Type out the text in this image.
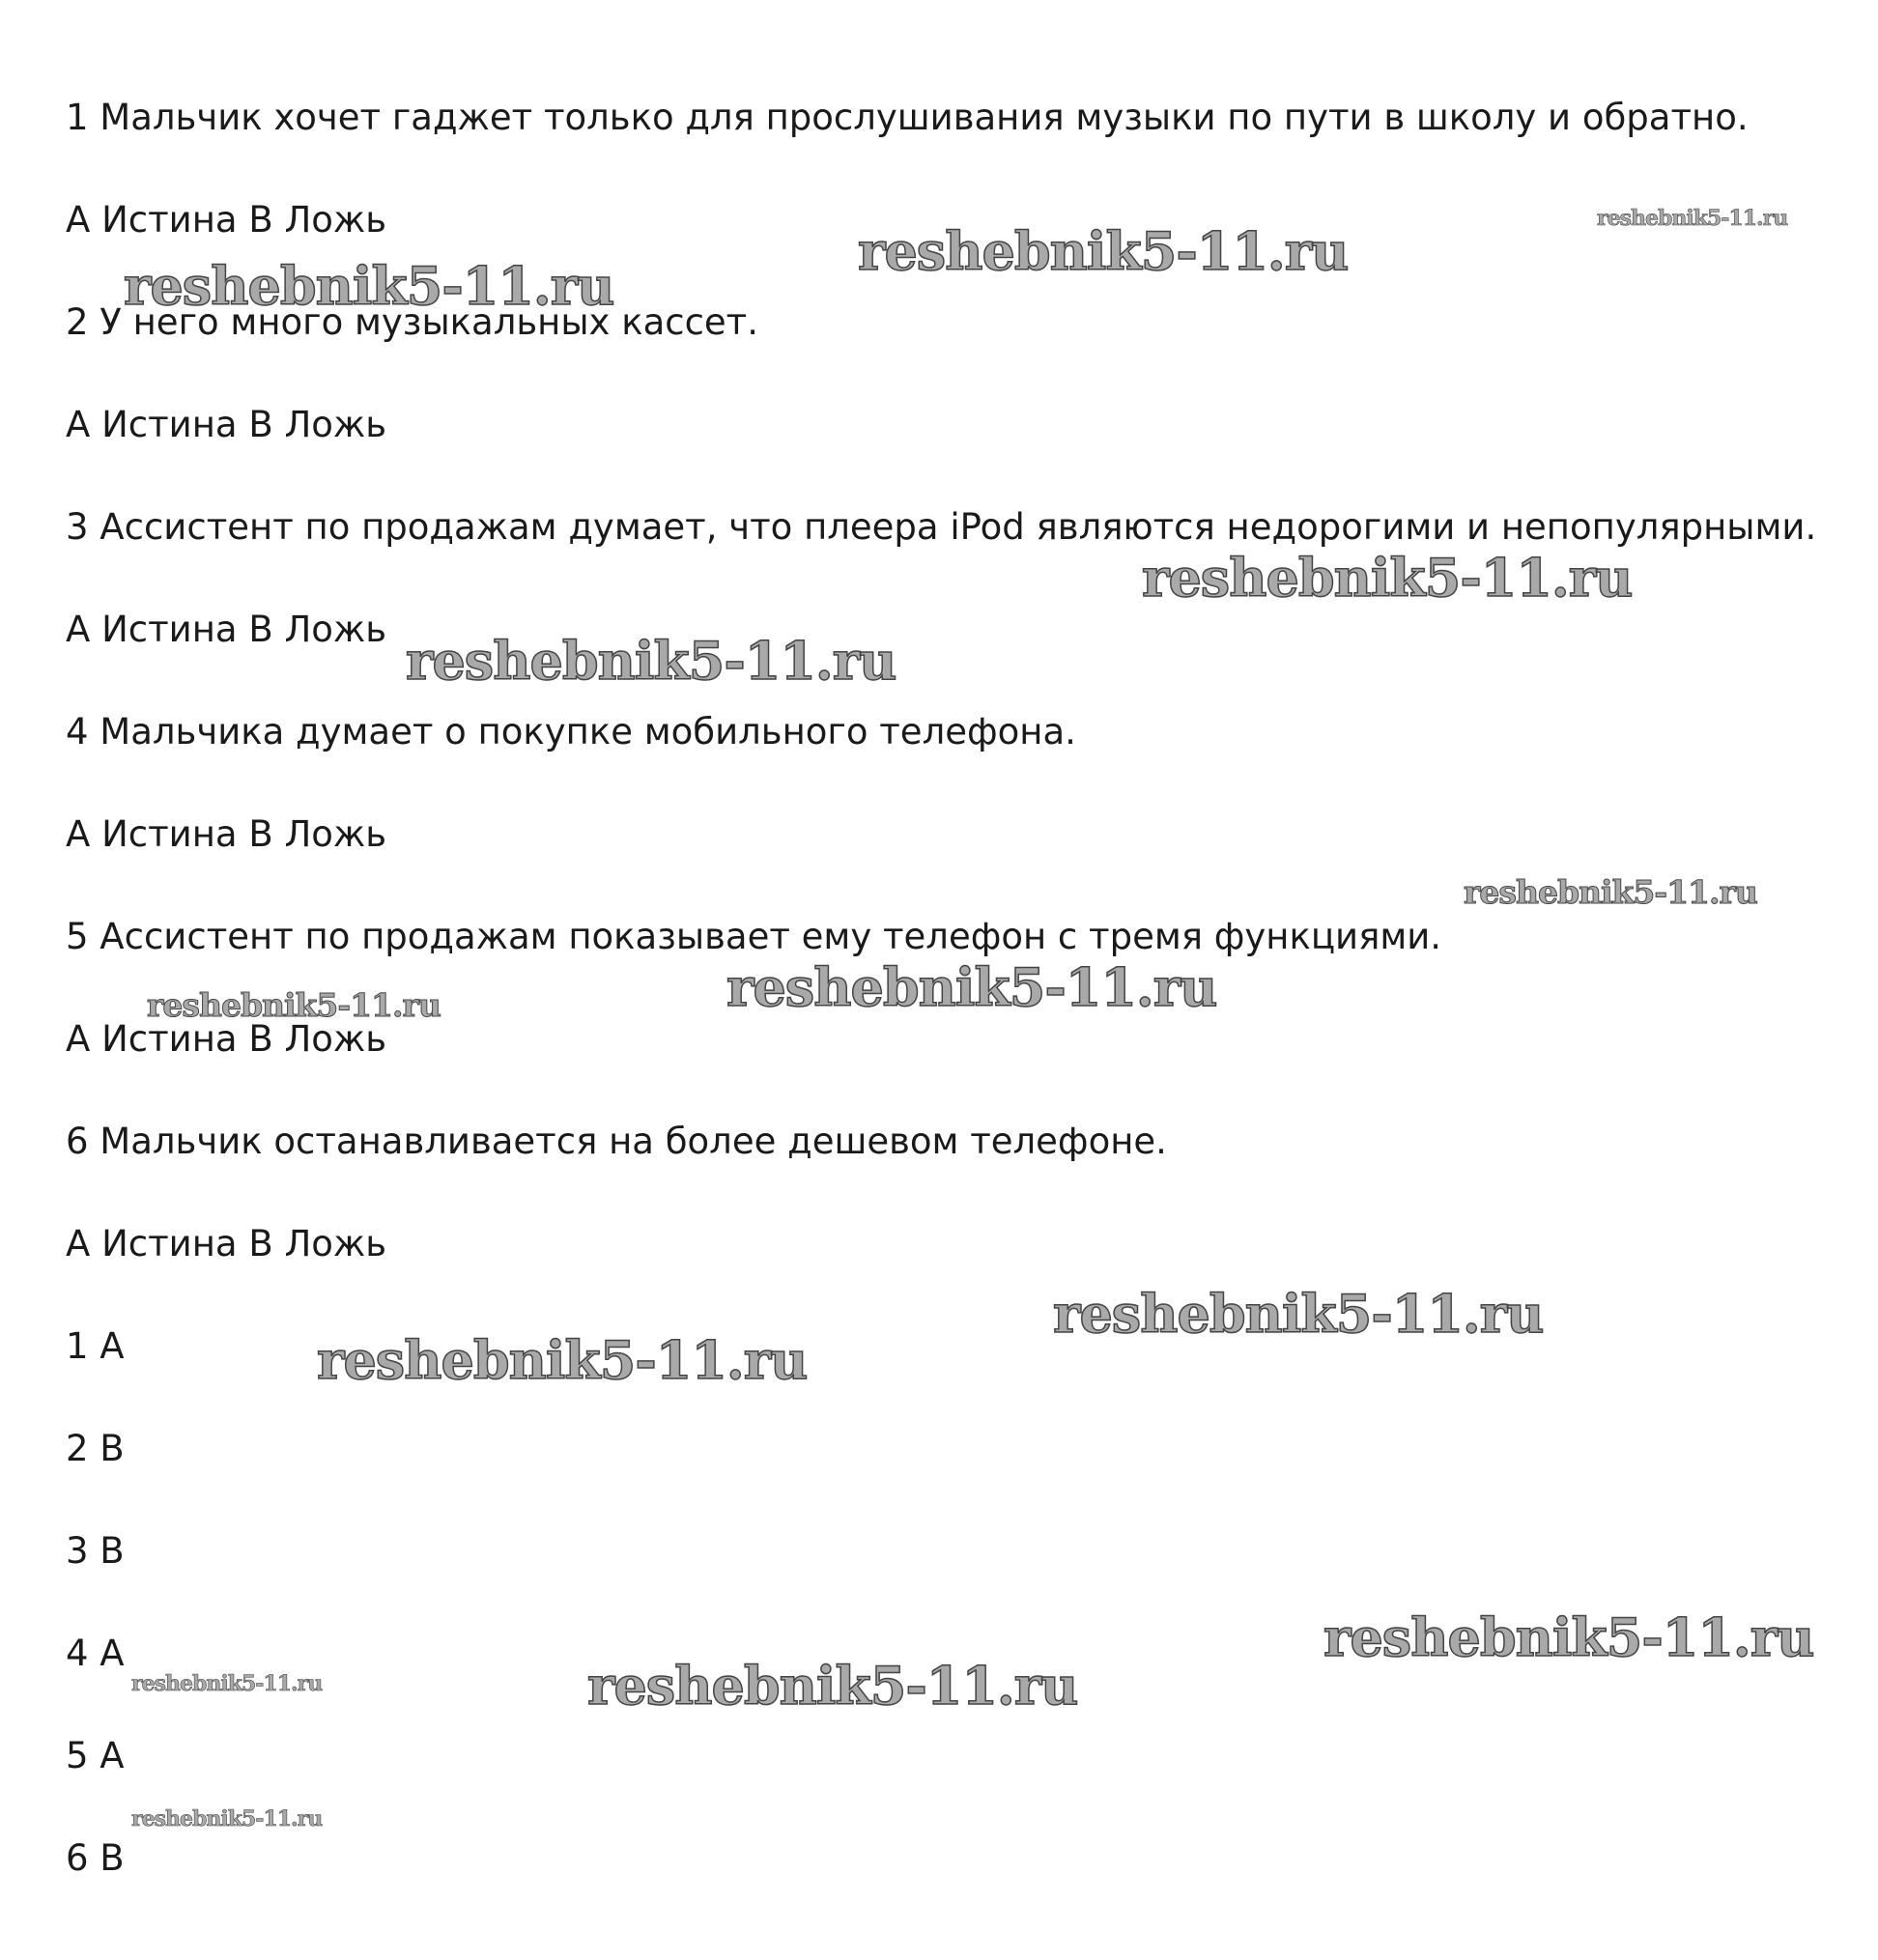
1 Мальчик хочет гаджет только для прослушивания музыки по пути в школу и обратно.

A Истина B Ложь

2 У него много музыкальных кассет.

A Истина B Ложь

3 Ассистент по продажам думает, что плеера iPod являются недорогими и непопулярными.

A Истина B Ложь

4 Мальчика думает о покупке мобильного телефона.

A Истина B Ложь

5 Ассистент по продажам показывает ему телефон с тремя функциями.

A Истина B Ложь

6 Мальчик останавливается на более дешевом телефоне.

A Истина B Ложь

1 A

2 B

3 B

4 A

5 A

6 B

reshebnik5-11.ru
reshebnik5-11.ru
reshebnik5-11.ru
reshebnik5-11.ru
reshebnik5-11.ru
reshebnik5-11.ru
reshebnik5-11.ru
reshebnik5-11.ru
reshebnik5-11.ru
reshebnik5-11.ru
reshebnik5-11.ru
reshebnik5-11.ru	reshebnik5-11.ru
reshebnik5-11.ru
